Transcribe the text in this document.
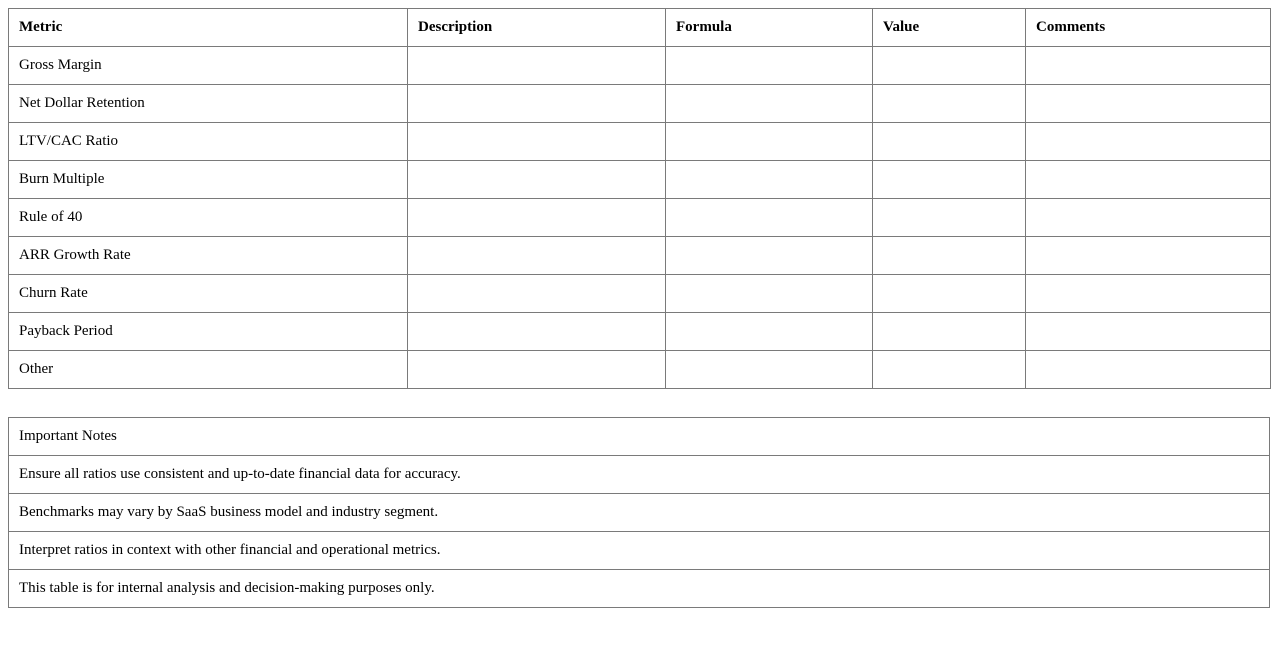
Metric	Description	Formula	Value	Comments
Gross Margin				
Net Dollar Retention				
LTV/CAC Ratio				
Burn Multiple				
Rule of 40				
ARR Growth Rate				
Churn Rate				
Payback Period				
Other				
Important Notes
Ensure all ratios use consistent and up-to-date financial data for accuracy.
Benchmarks may vary by SaaS business model and industry segment.
Interpret ratios in context with other financial and operational metrics.
This table is for internal analysis and decision-making purposes only.
